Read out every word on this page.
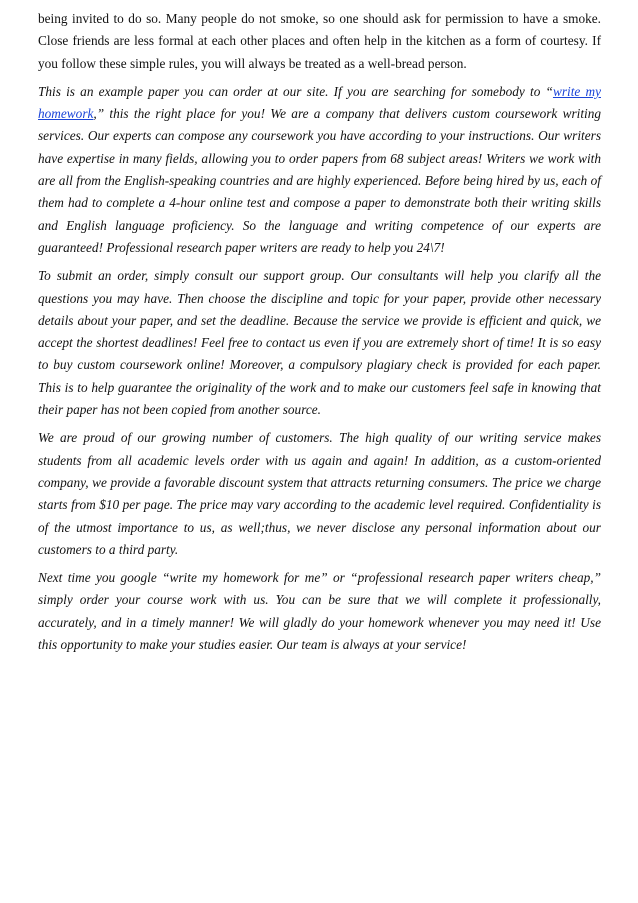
being invited to do so. Many people do not smoke, so one should ask for permission to have a smoke. Close friends are less formal at each other places and often help in the kitchen as a form of courtesy. If you follow these simple rules, you will always be treated as a well-bread person.

This is an example paper you can order at our site. If you are searching for somebody to “write my homework,” this the right place for you! We are a company that delivers custom coursework writing services. Our experts can compose any coursework you have according to your instructions. Our writers have expertise in many fields, allowing you to order papers from 68 subject areas! Writers we work with are all from the English-speaking countries and are highly experienced. Before being hired by us, each of them had to complete a 4-hour online test and compose a paper to demonstrate both their writing skills and English language proficiency. So the language and writing competence of our experts are guaranteed! Professional research paper writers are ready to help you 24\7!

To submit an order, simply consult our support group. Our consultants will help you clarify all the questions you may have. Then choose the discipline and topic for your paper, provide other necessary details about your paper, and set the deadline. Because the service we provide is efficient and quick, we accept the shortest deadlines! Feel free to contact us even if you are extremely short of time! It is so easy to buy custom coursework online! Moreover, a compulsory plagiary check is provided for each paper. This is to help guarantee the originality of the work and to make our customers feel safe in knowing that their paper has not been copied from another source.

We are proud of our growing number of customers. The high quality of our writing service makes students from all academic levels order with us again and again! In addition, as a custom-oriented company, we provide a favorable discount system that attracts returning consumers. The price we charge starts from $10 per page. The price may vary according to the academic level required. Confidentiality is of the utmost importance to us, as well;thus, we never disclose any personal information about our customers to a third party.

Next time you google “write my homework for me” or “professional research paper writers cheap,” simply order your course work with us. You can be sure that we will complete it professionally, accurately, and in a timely manner! We will gladly do your homework whenever you may need it! Use this opportunity to make your studies easier. Our team is always at your service!
